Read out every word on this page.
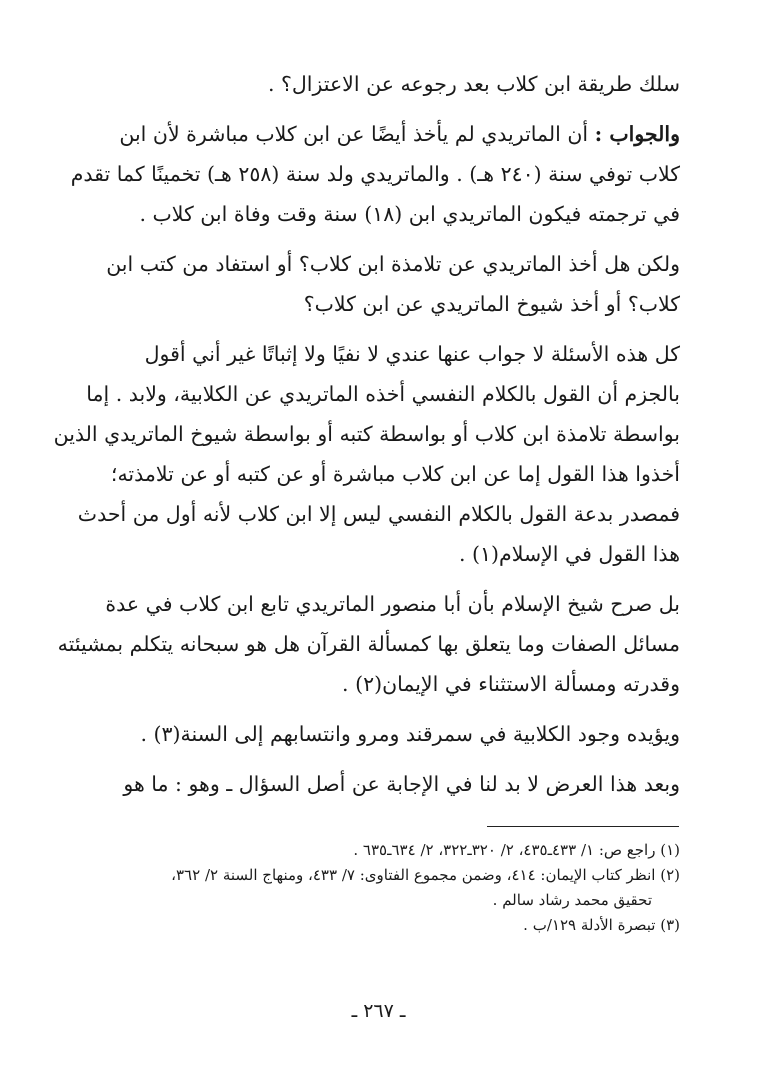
سلك طريقة ابن كلاب بعد رجوعه عن الاعتزال؟ .
والجواب : أن الماتريدي لم يأخذ أيضًا عن ابن كلاب مباشرة لأن ابن
كلاب توفي سنة (٢٤٠ هـ) . والماتريدي ولد سنة (٢٥٨ هـ) تخمينًا كما تقدم
في ترجمته فيكون الماتريدي ابن (١٨) سنة وقت وفاة ابن كلاب .
ولكن هل أخذ الماتريدي عن تلامذة ابن كلاب؟ أو استفاد من كتب ابن
كلاب؟ أو أخذ شيوخ الماتريدي عن ابن كلاب؟
كل هذه الأسئلة لا جواب عنها عندي لا نفيًا ولا إثباتًا غير أني أقول
بالجزم أن القول بالكلام النفسي أخذه الماتريدي عن الكلابية، ولابد . إما
بواسطة تلامذة ابن كلاب أو بواسطة كتبه أو بواسطة شيوخ الماتريدي الذين
أخذوا هذا القول إما عن ابن كلاب مباشرة أو عن كتبه أو عن تلامذته؛
فمصدر بدعة القول بالكلام النفسي ليس إلا ابن كلاب لأنه أول من أحدث
هذا القول في الإسلام(١) .
بل صرح شيخ الإسلام بأن أبا منصور الماتريدي تابع ابن كلاب في عدة
مسائل الصفات وما يتعلق بها كمسألة القرآن هل هو سبحانه يتكلم بمشيئته
وقدرته ومسألة الاستثناء في الإيمان(٢) .
ويؤيده وجود الكلابية في سمرقند ومرو وانتسابهم إلى السنة(٣) .
وبعد هذا العرض لا بد لنا في الإجابة عن أصل السؤال ـ وهو : ما هو
(١) راجع ص: ١/ ٤٣٣ـ٤٣٥، ٢/ ٣٢٠ـ٣٢٢، ٢/ ٦٣٤ـ٦٣٥ .
(٢) انظر كتاب الإيمان: ٤١٤، وضمن مجموع الفتاوى: ٧/ ٤٣٣، ومنهاج السنة ٢/ ٣٦٢،
تحقيق محمد رشاد سالم .
(٣) تبصرة الأدلة ١٢٩/ب .
ـ ٢٦٧ ـ
